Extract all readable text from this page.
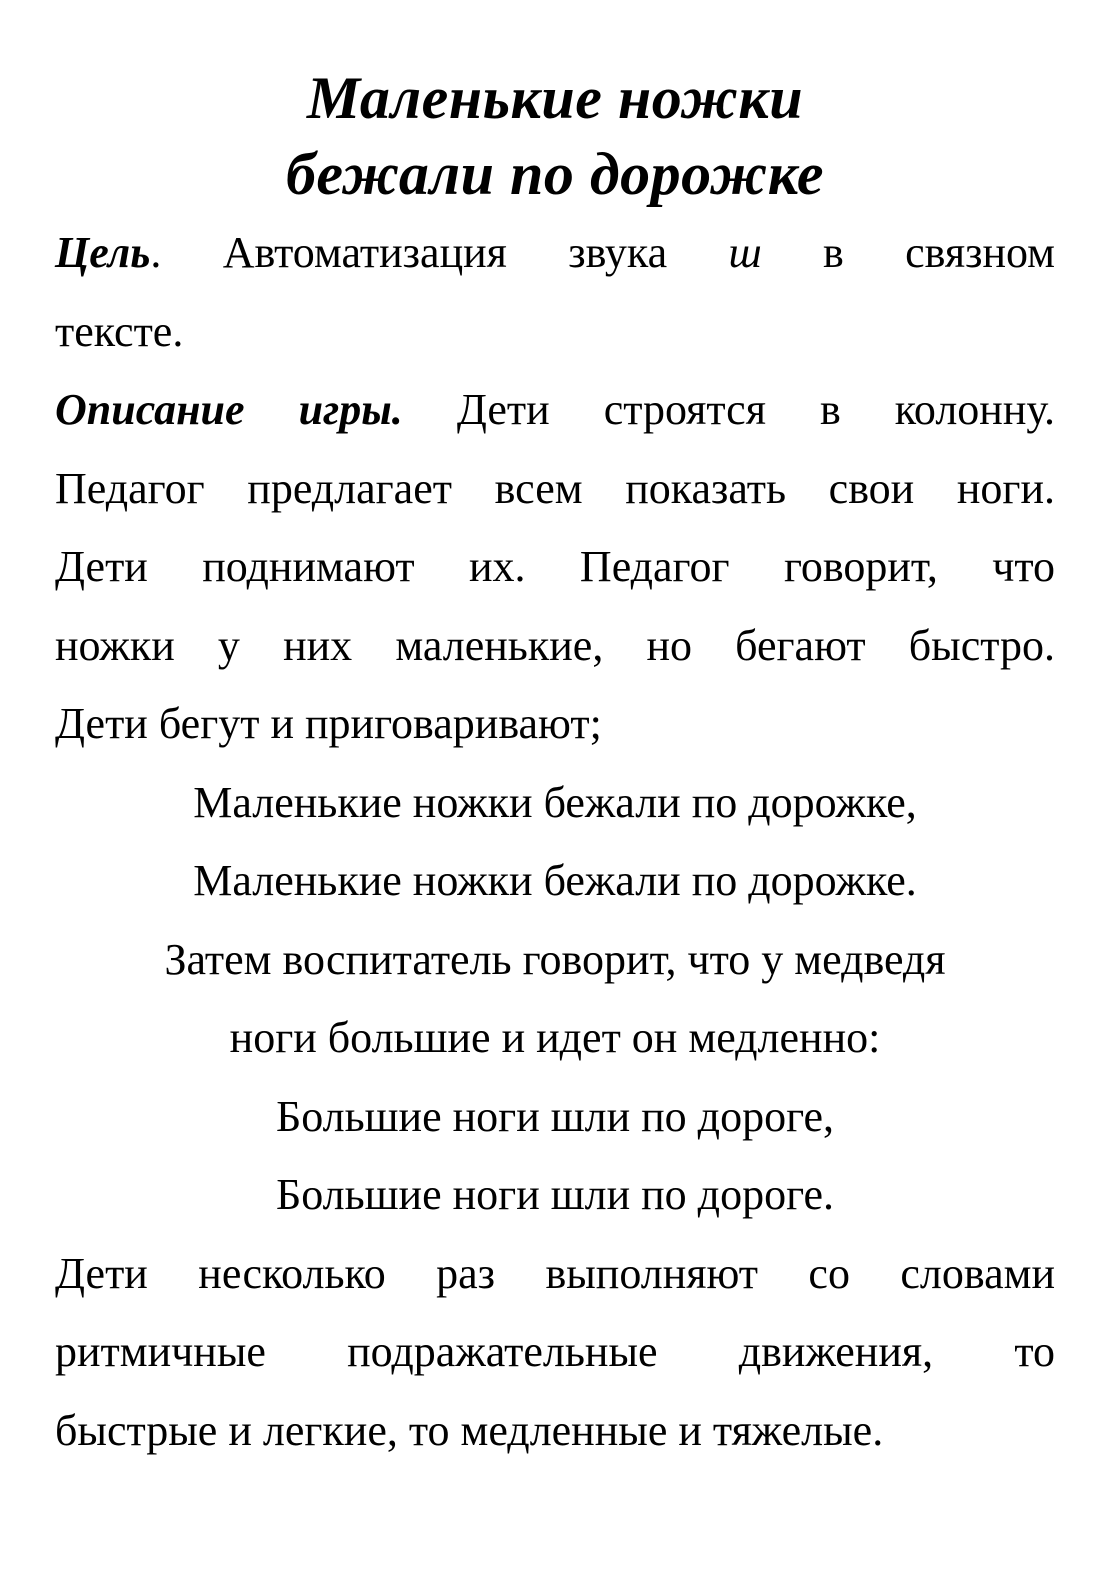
Маленькие ножки
бежали по дорожке

Цель. Автоматизация звука ш в связном

тексте.

Описание игры. Дети строятся в колонну.

Педагог предлагает всем показать свои ноги.

Дети поднимают их. Педагог говорит, что

ножки у них маленькие, но бегают быстро.

Дети бегут и приговаривают;

Маленькие ножки бежали по дорожке,

Маленькие ножки бежали по дорожке.

Затем воспитатель говорит, что у медведя

ноги большие и идет он медленно:

Большие ноги шли по дороге,

Большие ноги шли по дороге.

Дети несколько раз выполняют со словами

ритмичные подражательные движения, то

быстрые и легкие, то медленные и тяжелые.
